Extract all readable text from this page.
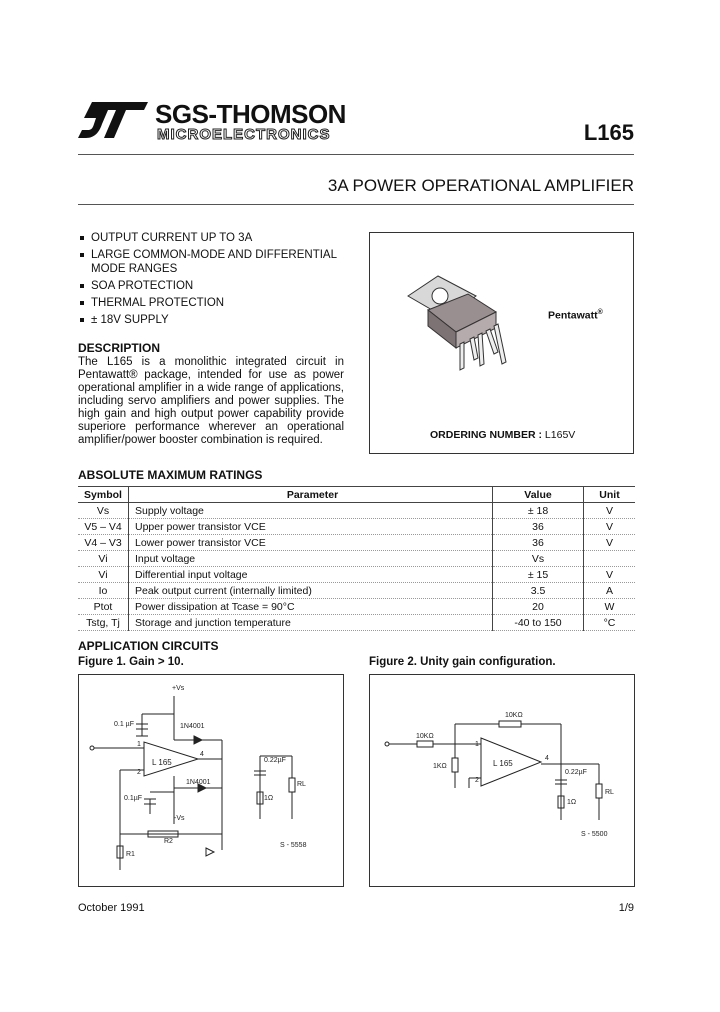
SGS-THOMSON
MICROELECTRONICS	L165
3A POWER OPERATIONAL AMPLIFIER
OUTPUT CURRENT UP TO 3A
LARGE COMMON-MODE AND DIFFERENTIAL MODE RANGES
SOA PROTECTION
THERMAL PROTECTION
± 18V SUPPLY
DESCRIPTION
The L165 is a monolithic integrated circuit in Pentawatt® package, intended for use as power operational amplifier in a wide range of applications, including servo amplifiers and power supplies. The high gain and high output power capability provide superiore performance wherever an operational amplifier/power booster combination is required.
Pentawatt®
ORDERING NUMBER : L165V
ABSOLUTE MAXIMUM RATINGS
Symbol	Parameter	Value	Unit
Vs	Supply voltage	± 18	V
V5 – V4	Upper power transistor VCE	36	V
V4 – V3	Lower power transistor VCE	36	V
Vi	Input voltage	Vs	
Vi	Differential input voltage	± 15	V
Io	Peak output current (internally limited)	3.5	A
Ptot	Power dissipation at Tcase = 90°C	20	W
Tstg, Tj	Storage and junction temperature	-40 to 150	°C
APPLICATION CIRCUITS
Figure 1. Gain > 10.	Figure 2. Unity gain configuration.
+Vs
0.1 µF	1N4001
L 165
1
2
4
1N4001
0.1µF
-Vs
R2
R1
0.22µF
1Ω
RL
S - 5558
10KΩ
10KΩ
1KΩ	L 165
1
2
4
0.22µF
1Ω
RL
S - 5500
October 1991	1/9
